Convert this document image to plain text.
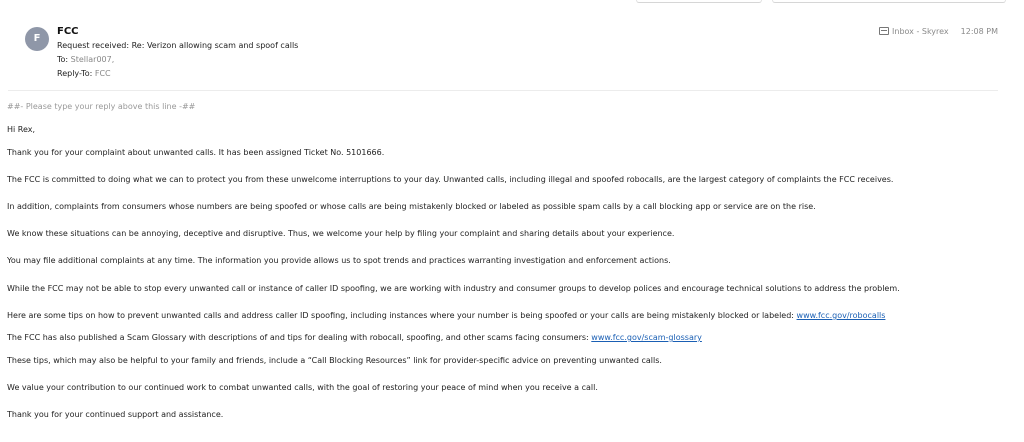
F
FCC
Request received: Re: Verizon allowing scam and spoof calls
To: Stellar007,
Reply-To: FCC
Inbox - Skyrex 12:08 PM
##- Please type your reply above this line -##
Hi Rex,
Thank you for your complaint about unwanted calls. It has been assigned Ticket No. 5101666.
The FCC is committed to doing what we can to protect you from these unwelcome interruptions to your day. Unwanted calls, including illegal and spoofed robocalls, are the largest category of complaints the FCC receives.
In addition, complaints from consumers whose numbers are being spoofed or whose calls are being mistakenly blocked or labeled as possible spam calls by a call blocking app or service are on the rise.
We know these situations can be annoying, deceptive and disruptive. Thus, we welcome your help by filing your complaint and sharing details about your experience.
You may file additional complaints at any time. The information you provide allows us to spot trends and practices warranting investigation and enforcement actions.
While the FCC may not be able to stop every unwanted call or instance of caller ID spoofing, we are working with industry and consumer groups to develop polices and encourage technical solutions to address the problem.
Here are some tips on how to prevent unwanted calls and address caller ID spoofing, including instances where your number is being spoofed or your calls are being mistakenly blocked or labeled: www.fcc.gov/robocalls
The FCC has also published a Scam Glossary with descriptions of and tips for dealing with robocall, spoofing, and other scams facing consumers: www.fcc.gov/scam-glossary
These tips, which may also be helpful to your family and friends, include a “Call Blocking Resources” link for provider-specific advice on preventing unwanted calls.
We value your contribution to our continued work to combat unwanted calls, with the goal of restoring your peace of mind when you receive a call.
Thank you for your continued support and assistance.
